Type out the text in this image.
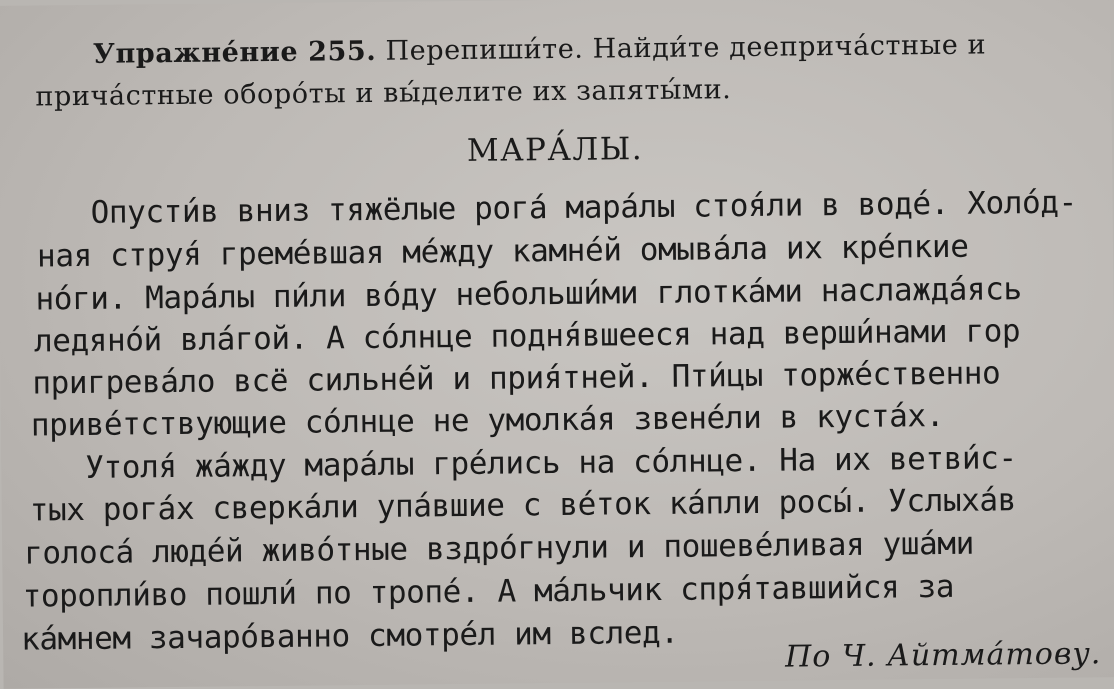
Упражне́ние 255. Перепиши́те. Найди́те дееприча́стные и
прича́стные оборо́ты и вы́делите их запяты́ми.
МАРА́ЛЫ.
Опусти́в вниз тяжёлые рога́ мара́лы стоя́ли в воде́. Холо́д-
ная струя́ греме́вшая ме́жду камне́й омыва́ла их кре́пкие
но́ги. Мара́лы пи́ли во́ду небольши́ми глотка́ми наслажда́ясь
ледяно́й вла́гой. А со́лнце подня́вшееся над верши́нами гор
пригрева́ло всё сильне́й и прия́тней. Пти́цы торже́ственно
приве́тствующие со́лнце не умолка́я звене́ли в куста́х.
Утоля́ жа́жду мара́лы гре́лись на со́лнце. На их ветви́с-
тых рога́х сверка́ли упа́вшие с ве́ток ка́пли росы́. Услыха́в
голоса́ люде́й живо́тные вздро́гнули и пошеве́ливая уша́ми
торопли́во пошли́ по тропе́. А ма́льчик спря́тавшийся за
ка́мнем зачаро́ванно смотре́л им вслед.	По Ч. Айтма́тову.
